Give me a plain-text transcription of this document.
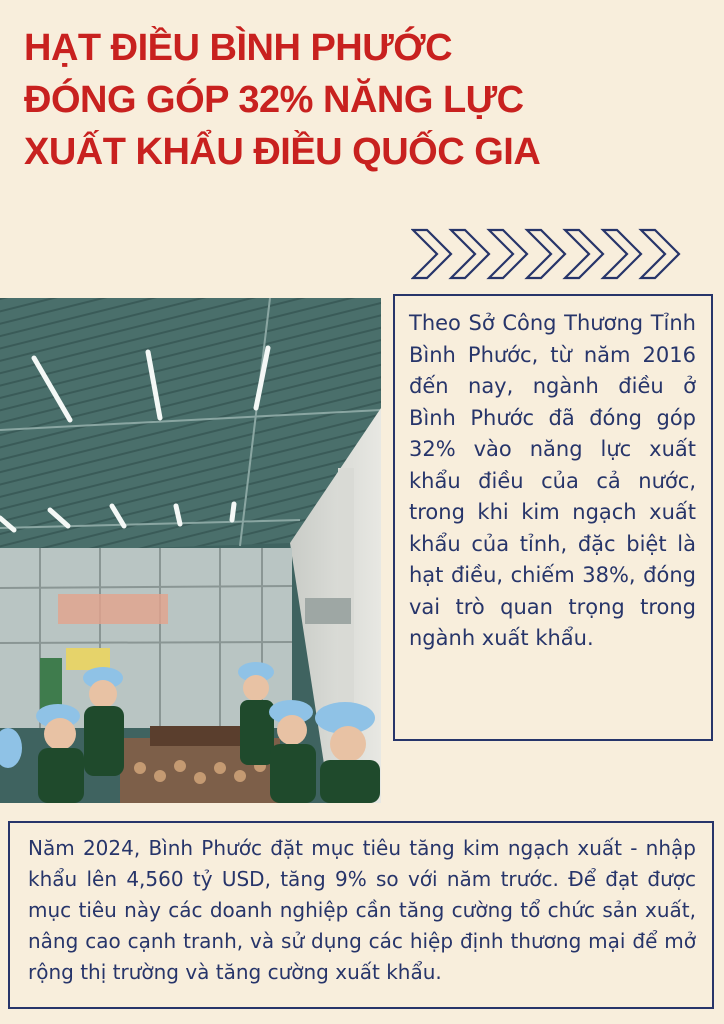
HẠT ĐIỀU BÌNH PHƯỚC
ĐÓNG GÓP 32% NĂNG LỰC
XUẤT KHẨU ĐIỀU QUỐC GIA

Theo Sở Công Thương Tỉnh Bình Phước, từ năm 2016 đến nay, ngành điều ở Bình Phước đã đóng góp 32% vào năng lực xuất khẩu điều của cả nước, trong khi kim ngạch xuất khẩu của tỉnh, đặc biệt là hạt điều, chiếm 38%, đóng vai trò quan trọng trong ngành xuất khẩu.

Năm 2024, Bình Phước đặt mục tiêu tăng kim ngạch xuất - nhập khẩu lên 4,560 tỷ USD, tăng 9% so với năm trước. Để đạt được mục tiêu này các doanh nghiệp cần tăng cường tổ chức sản xuất, nâng cao cạnh tranh, và sử dụng các hiệp định thương mại để mở rộng thị trường và tăng cường xuất khẩu.
